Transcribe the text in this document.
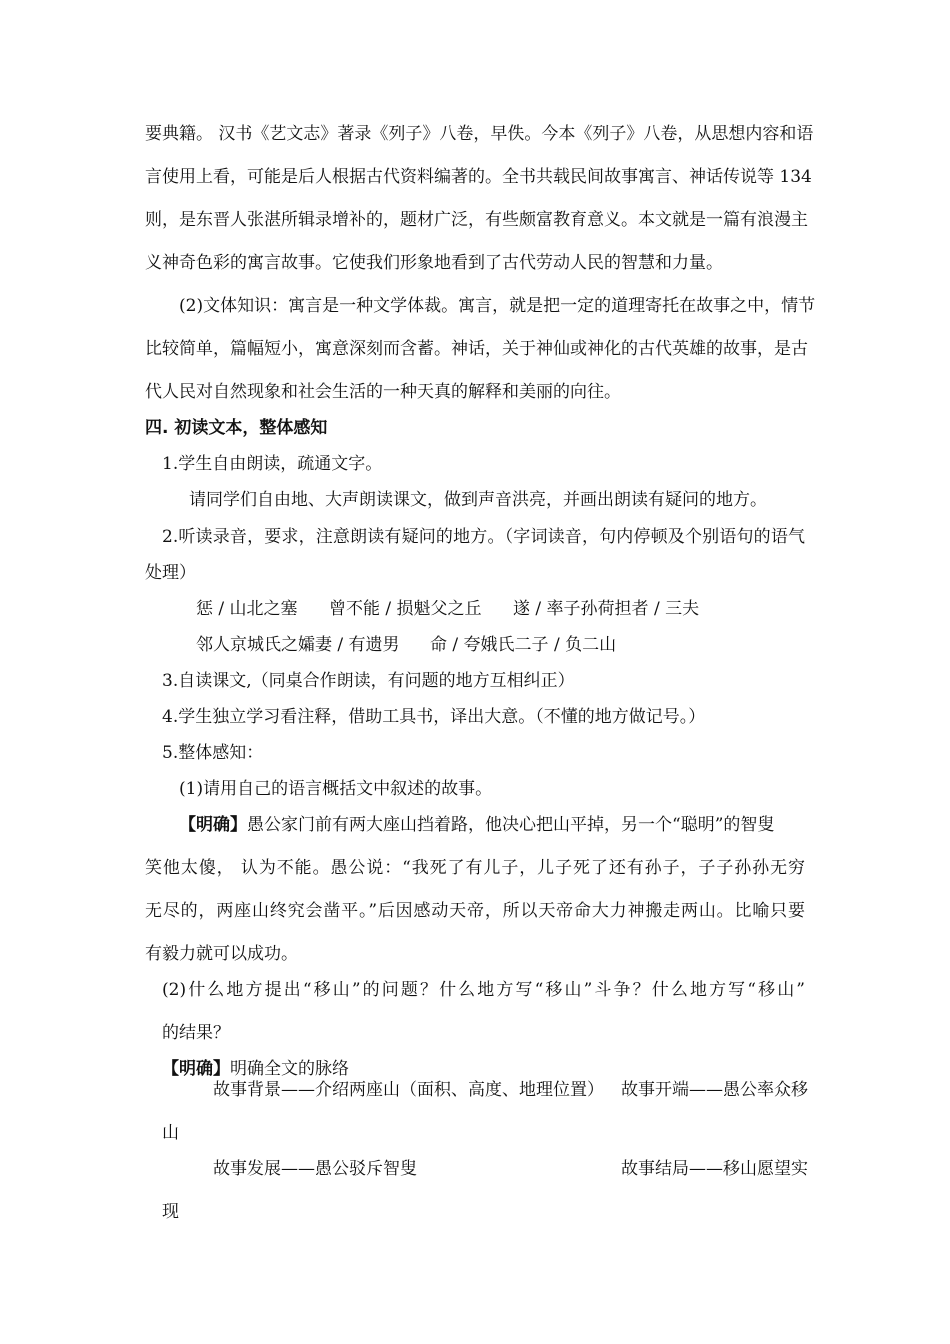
要典籍。 汉书《艺文志》著录《列子》八卷，早佚。今本《列子》八卷，从思想内容和语
言使用上看，可能是后人根据古代资料编著的。全书共载民间故事寓言、神话传说等 134
则，是东晋人张湛所辑录增补的，题材广泛，有些颇富教育意义。本文就是一篇有浪漫主
义神奇色彩的寓言故事。它使我们形象地看到了古代劳动人民的智慧和力量。
(2)文体知识：寓言是一种文学体裁。寓言，就是把一定的道理寄托在故事之中，情节
比较简单，篇幅短小，寓意深刻而含蓄。神话，关于神仙或神化的古代英雄的故事，是古
代人民对自然现象和社会生活的一种天真的解释和美丽的向往。
四. 初读文本，整体感知
1.学生自由朗读，疏通文字。
请同学们自由地、大声朗读课文，做到声音洪亮，并画出朗读有疑问的地方。
2.听读录音，要求，注意朗读有疑问的地方。（字词读音，句内停顿及个别语句的语气
处理）
惩 / 山北之塞 曾不能 / 损魁父之丘 遂 / 率子孙荷担者 / 三夫
邻人京城氏之孀妻 / 有遗男 命 / 夸娥氏二子 / 负二山
3.自读课文,（同桌合作朗读，有问题的地方互相纠正）
4.学生独立学习看注释，借助工具书，译出大意。（不懂的地方做记号。）
5.整体感知：
(1)请用自己的语言概括文中叙述的故事。
【明确】愚公家门前有两大座山挡着路，他决心把山平掉，另一个“聪明”的智叟
笑他太傻， 认为不能。愚公说：“我死了有儿子，儿子死了还有孙子，子子孙孙无穷
无尽的，两座山终究会凿平。”后因感动天帝，所以天帝命大力神搬走两山。比喻只要
有毅力就可以成功。
(2)什么地方提出“移山”的问题？什么地方写“移山”斗争？什么地方写“移山”
的结果？
【明确】明确全文的脉络
故事背景——介绍两座山（面积、高度、地理位置） 故事开端——愚公率众移
山
故事发展——愚公驳斥智叟	故事结局——移山愿望实
现
